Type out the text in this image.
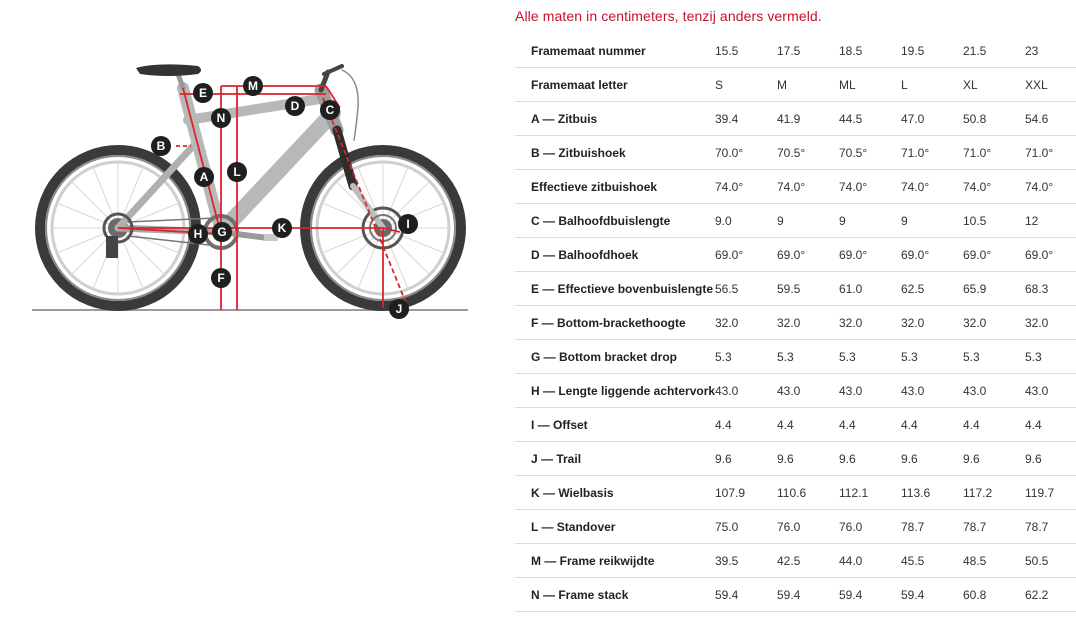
A
B
C
D
E
F
G
H
I
J
K
L
M
N
Alle maten in centimeters, tenzij anders vermeld.
Framemaat nummer	15.5	17.5	18.5	19.5	21.5	23
Framemaat letter	S	M	ML	L	XL	XXL
A — Zitbuis	39.4	41.9	44.5	47.0	50.8	54.6
B — Zitbuishoek	70.0°	70.5°	70.5°	71.0°	71.0°	71.0°
Effectieve zitbuishoek	74.0°	74.0°	74.0°	74.0°	74.0°	74.0°
C — Balhoofdbuislengte	9.0	9	9	9	10.5	12
D — Balhoofdhoek	69.0°	69.0°	69.0°	69.0°	69.0°	69.0°
E — Effectieve bovenbuislengte	56.5	59.5	61.0	62.5	65.9	68.3
F — Bottom-brackethoogte	32.0	32.0	32.0	32.0	32.0	32.0
G — Bottom bracket drop	5.3	5.3	5.3	5.3	5.3	5.3
H — Lengte liggende achtervork	43.0	43.0	43.0	43.0	43.0	43.0
I — Offset	4.4	4.4	4.4	4.4	4.4	4.4
J — Trail	9.6	9.6	9.6	9.6	9.6	9.6
K — Wielbasis	107.9	110.6	112.1	113.6	117.2	119.7
L — Standover	75.0	76.0	76.0	78.7	78.7	78.7
M — Frame reikwijdte	39.5	42.5	44.0	45.5	48.5	50.5
N — Frame stack	59.4	59.4	59.4	59.4	60.8	62.2
